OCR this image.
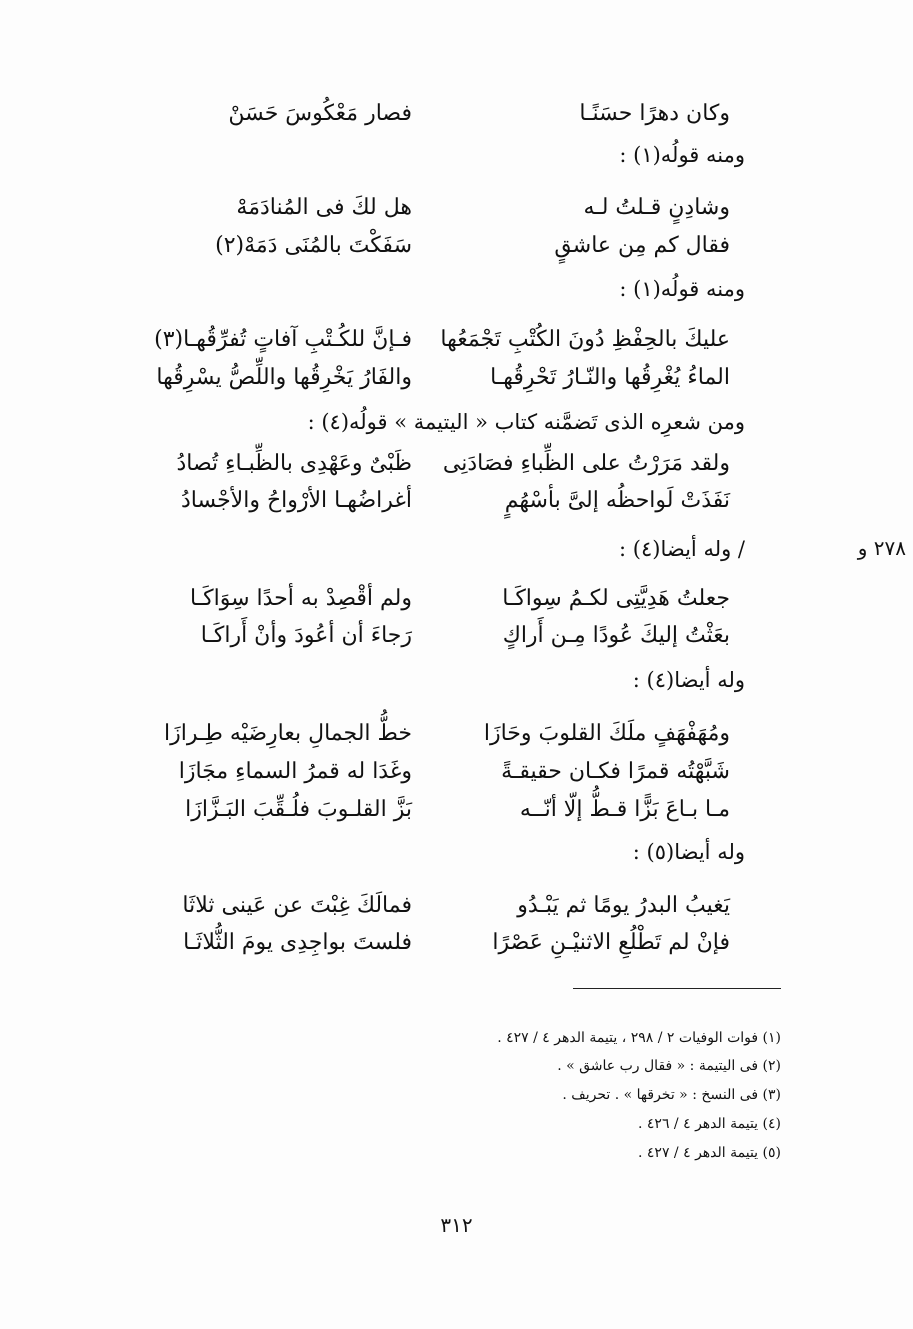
ومنه قولُه(١) :
ومنه قولُه(١) :
ومن شعرِه الذى تَضمَّنه كتاب « اليتيمة » قولُه(٤) :
/ وله أيضا(٤) :
وله أيضا(٤) :
وله أيضا(٥) :
وكان دهرًا حسَنًـا
فصار مَعْكُوسَ حَسَنْ
وشادِنٍ قـلتُ لـه
هل لكَ فى المُنادَمَهْ
فقال كم مِن عاشقٍ
سَفَكْتَ بالمُنَى دَمَهْ(٢)
عليكَ بالحِفْظِ دُونَ الكُتْبِ تَجْمَعُها
فـإنَّ للكُـتْبِ آفاتٍ تُفرِّقُهـا(٣)
الماءُ يُغْرِقُها والنّـارُ تَحْرِقُهـا
والفَارُ يَخْرِقُها واللِّصُّ يسْرِقُها
ولقد مَرَرْتُ على الظِّباءِ فصَادَنِى
ظَبْىٌ وعَهْدِى بالظِّبـاءِ تُصادُ
نَفَذَتْ لَواحظُه إلىَّ بأسْهُمٍ
أغراضُهـا الأرْواحُ والأجْسادُ
جعلتُ هَدِيَّتِى لكـمُ سِواكَـا
ولم أقْصِدْ به أحدًا سِوَاكَـا
بعَثْتُ إليكَ عُودًا مِـن أَراكٍ
رَجاءَ أن أعُودَ وأنْ أَراكَـا
ومُهَفْهَفٍ ملَكَ القلوبَ وحَازَا
خطُّ الجمالِ بعارِضَيْه طِـرازَا
شَبَّهْتُه قمرًا فكـان حقيقـةً
وغَدَا له قمرُ السماءِ مجَازَا
مـا بـاعَ بَزًّا قـطُّ إلّا أنّــه
بَزَّ القلـوبَ فلُـقِّبَ البَـزَّازَا
يَغيبُ البدرُ يومًا ثم يَبْـدُو
فمالَكَ غِبْتَ عن عَينى ثلاثَا
فإنْ لم تَطْلُعِ الاثنيْـنِ عَصْرًا
فلستَ بواجِدِى يومَ الثُّلاثَـا
٢٧٨ و
(١) فوات الوفيات ٢ / ٢٩٨ ، يتيمة الدهر ٤ / ٤٢٧ .
(٢) فى اليتيمة : « فقال رب عاشق » .
(٣) فى النسخ : « تخرقها » . تحريف .
(٤) يتيمة الدهر ٤ / ٤٢٦ .
(٥) يتيمة الدهر ٤ / ٤٢٧ .
٣١٢
